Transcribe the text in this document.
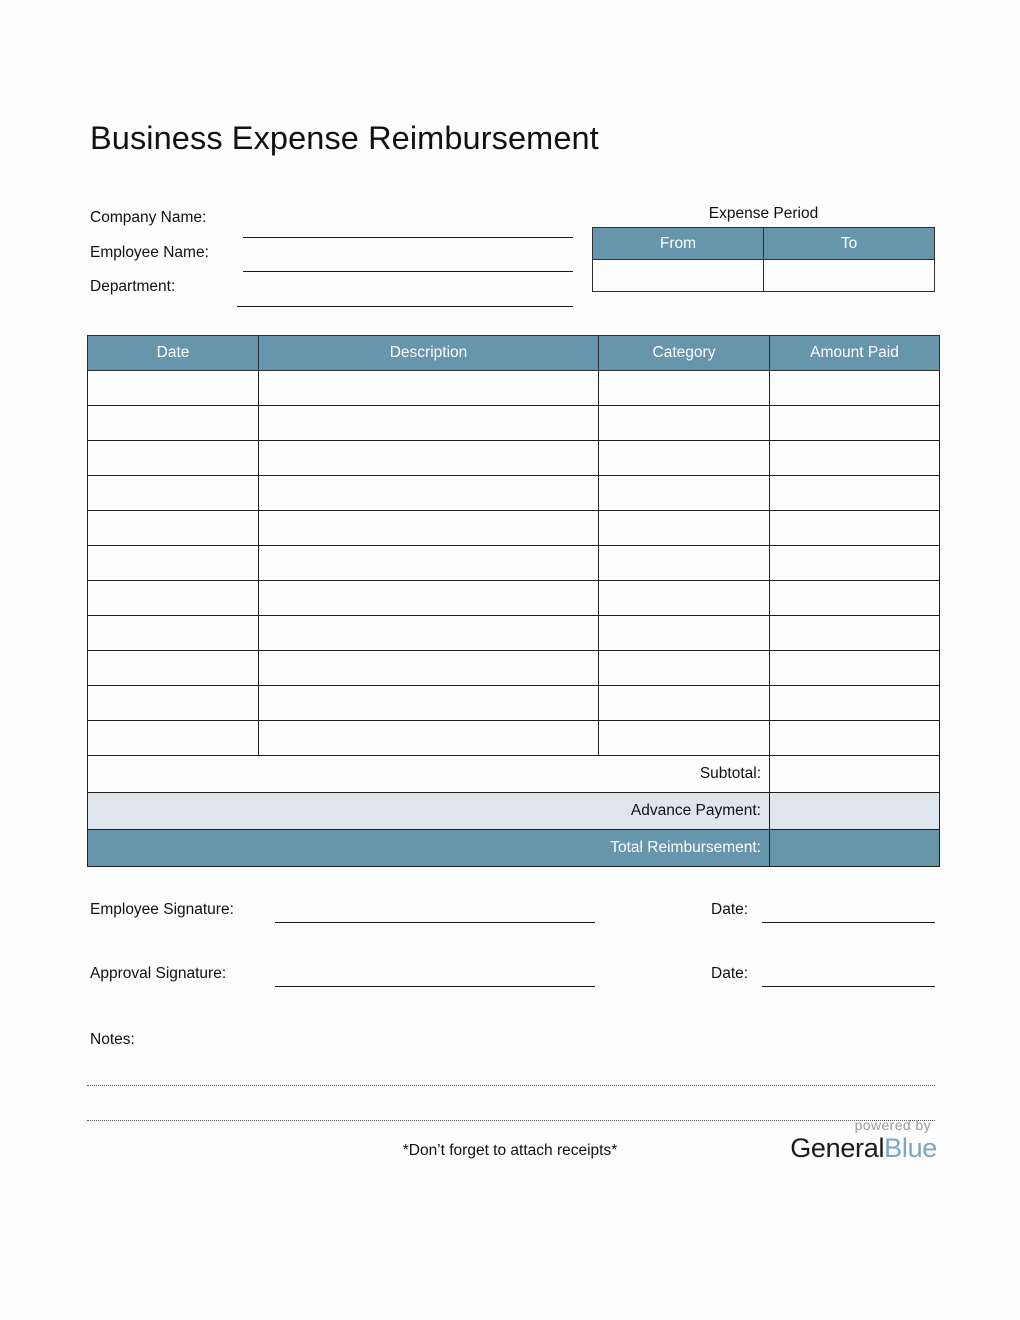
Business Expense Reimbursement
Company Name:
Employee Name:
Department:
Expense Period
From	To

Date	Description	Category	Amount Paid

Subtotal:			
Advance Payment:			
Total Reimbursement:			
Employee Signature:	Date:
Approval Signature:	Date:
Notes:
*Don’t forget to attach receipts*
powered by
GeneralBlue
